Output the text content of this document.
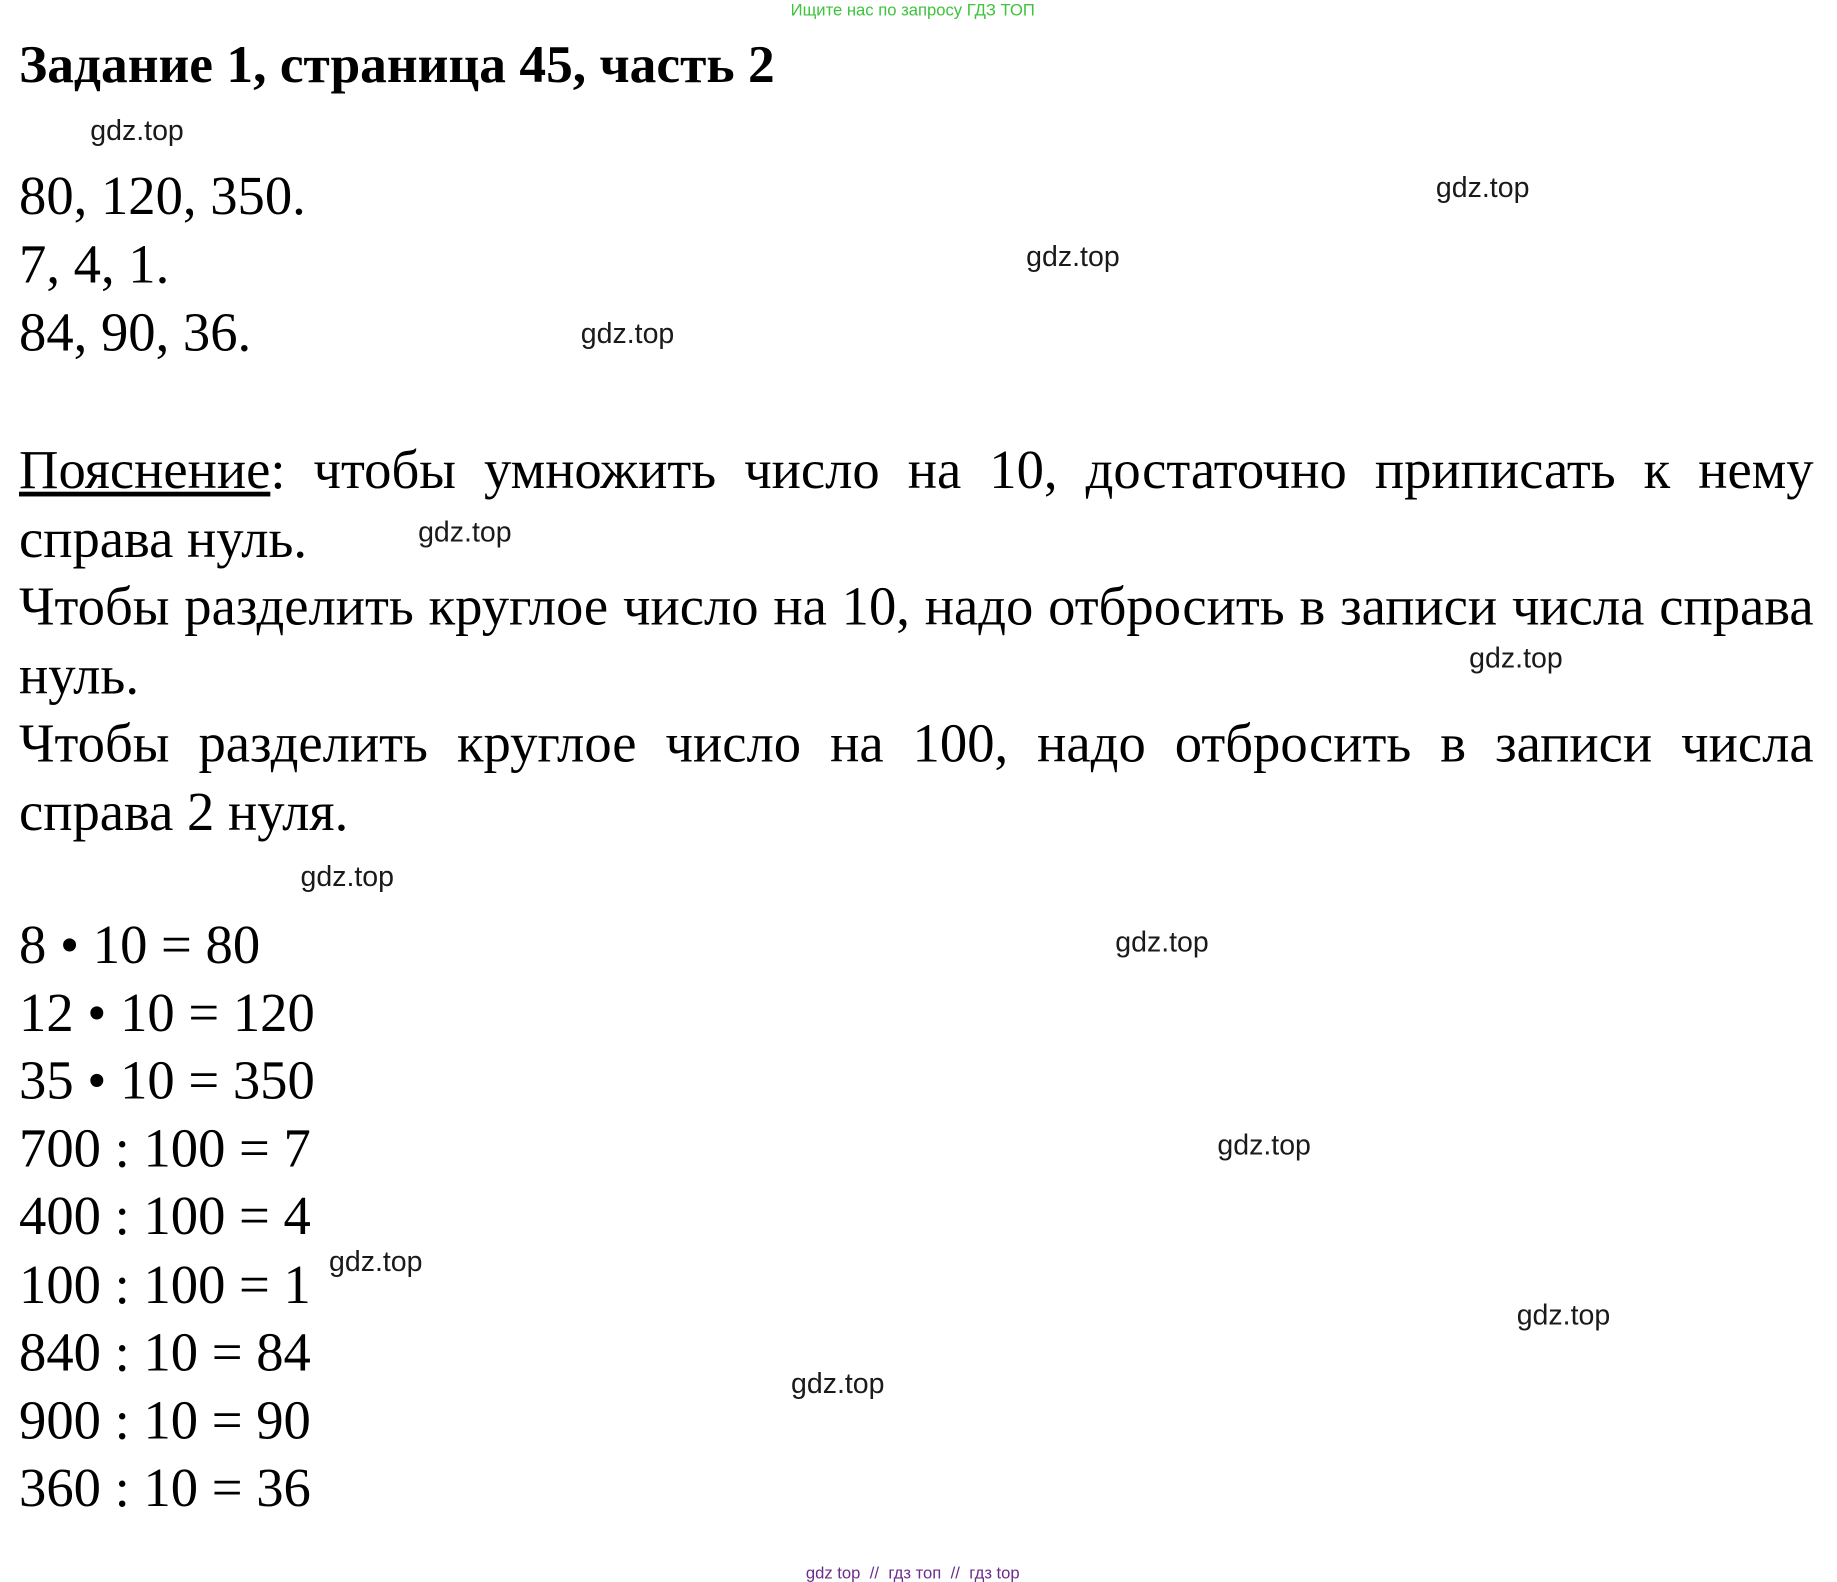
Ищите нас по запросу ГДЗ ТОП
Задание 1, страница 45, часть 2
80, 120, 350.
7, 4, 1.
84, 90, 36.
Пояснение: чтобы умножить число на 10, достаточно приписать к нему справа нуль.
Чтобы разделить круглое число на 10, надо отбросить в записи числа справа нуль.
Чтобы разделить круглое число на 100, надо отбросить в записи числа справа 2 нуля.
8 • 10 = 80
12 • 10 = 120
35 • 10 = 350
700 : 100 = 7
400 : 100 = 4
100 : 100 = 1
840 : 10 = 84
900 : 10 = 90
360 : 10 = 36
gdz.top
gdz.top
gdz.top
gdz.top
gdz.top
gdz.top
gdz.top
gdz.top
gdz.top
gdz.top
gdz.top
gdz.top
gdz top // гдз топ // гдз top
